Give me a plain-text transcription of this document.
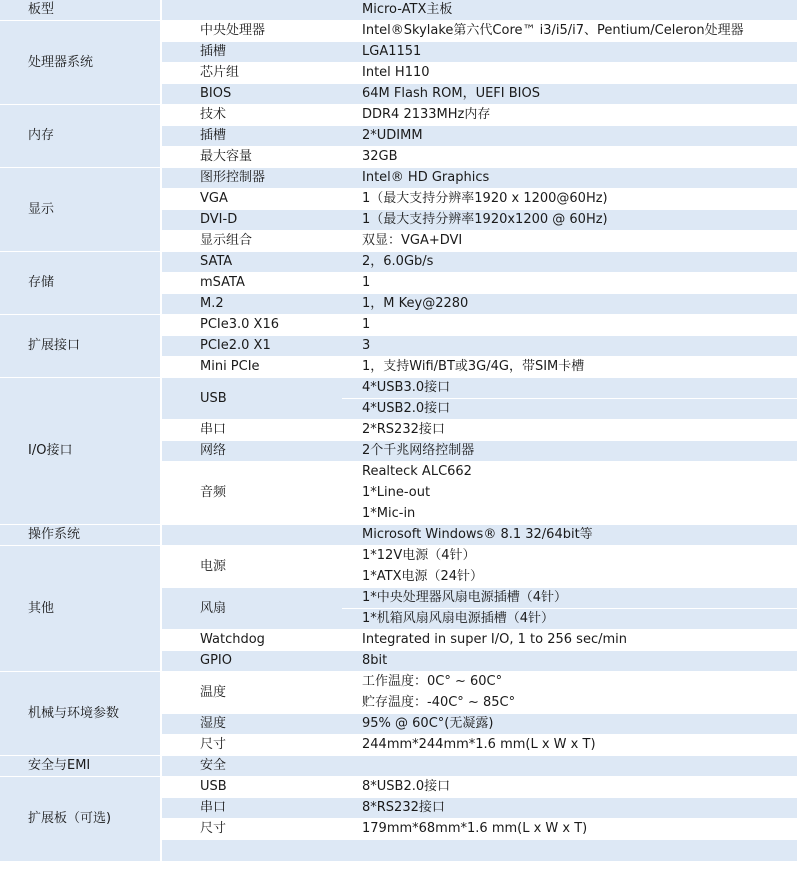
板型			Micro-ATX主板
处理器系统		中央处理器	Intel®Skylake第六代Core™ i3/i5/i7、Pentium/Celeron处理器
		插槽	LGA1151
		芯片组	Intel H110
		BIOS	64M Flash ROM，UEFI BIOS
内存		技术	DDR4 2133MHz内存
		插槽	2*UDIMM
		最大容量	32GB
显示		图形控制器	Intel® HD Graphics
		VGA	1（最大支持分辨率1920 x 1200@60Hz)
		DVI-D	1（最大支持分辨率1920x1200 @ 60Hz)
		显示组合	双显：VGA+DVI
存储		SATA	2，6.0Gb/s
		mSATA	1
		M.2	1，M Key@2280
扩展接口		PCIe3.0 X16	1
		PCIe2.0 X1	3
		Mini PCIe	1，支持Wifi/BT或3G/4G，带SIM卡槽
I/O接口		USB	4*USB3.0接口
			4*USB2.0接口
		串口	2*RS232接口
		网络	2个千兆网络控制器
		音频	Realteck ALC662
			1*Line-out
			1*Mic-in
操作系统			Microsoft Windows® 8.1 32/64bit等
其他		电源	1*12V电源（4针）
			1*ATX电源（24针）
		风扇	1*中央处理器风扇电源插槽（4针）
			1*机箱风扇风扇电源插槽（4针）
		Watchdog	Integrated in super I/O, 1 to 256 sec/min
		GPIO	8bit
机械与环境参数		温度	工作温度：0C° ~ 60C°
			贮存温度：-40C° ~ 85C°
		湿度	95% @ 60C°(无凝露)
		尺寸	244mm*244mm*1.6 mm(L x W x T)
安全与EMI		安全	
扩展板（可选)		USB	8*USB2.0接口
		串口	8*RS232接口
		尺寸	179mm*68mm*1.6 mm(L x W x T)
